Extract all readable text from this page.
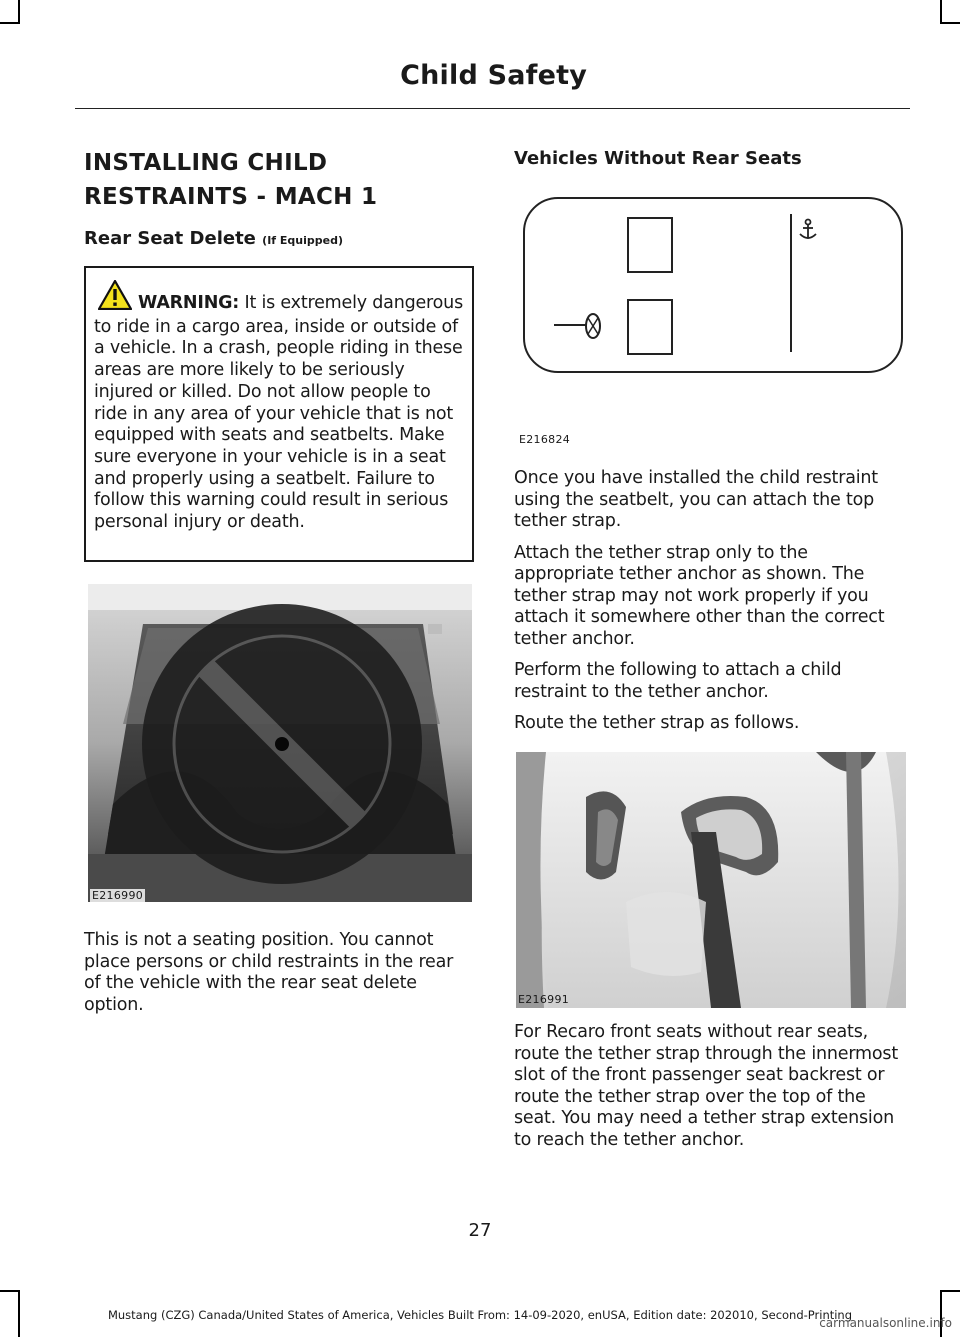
Child Safety
INSTALLING CHILD
RESTRAINTS - MACH 1
Rear Seat Delete (If Equipped)

WARNING: It is extremely dangerous to ride in a cargo area, inside or outside of a vehicle. In a crash, people riding in these areas are more likely to be seriously injured or killed. Do not allow people to ride in any area of your vehicle that is not equipped with seats and seatbelts. Make sure everyone in your vehicle is in a seat and properly using a seatbelt. Failure to follow this warning could result in serious personal injury or death.

E216990

This is not a seating position. You cannot place persons or child restraints in the rear of the vehicle with the rear seat delete option.

Vehicles Without Rear Seats
E216824

Once you have installed the child restraint using the seatbelt, you can attach the top tether strap.

Attach the tether strap only to the appropriate tether anchor as shown. The tether strap may not work properly if you attach it somewhere other than the correct tether anchor.

Perform the following to attach a child restraint to the tether anchor.

Route the tether strap as follows.

E216991

For Recaro front seats without rear seats, route the tether strap through the innermost slot of the front passenger seat backrest or route the tether strap over the top of the seat. You may need a tether strap extension to reach the tether anchor.

27
Mustang (CZG) Canada/United States of America, Vehicles Built From: 14-09-2020, enUSA, Edition date: 202010, Second-Printing
carmanualsonline.info
